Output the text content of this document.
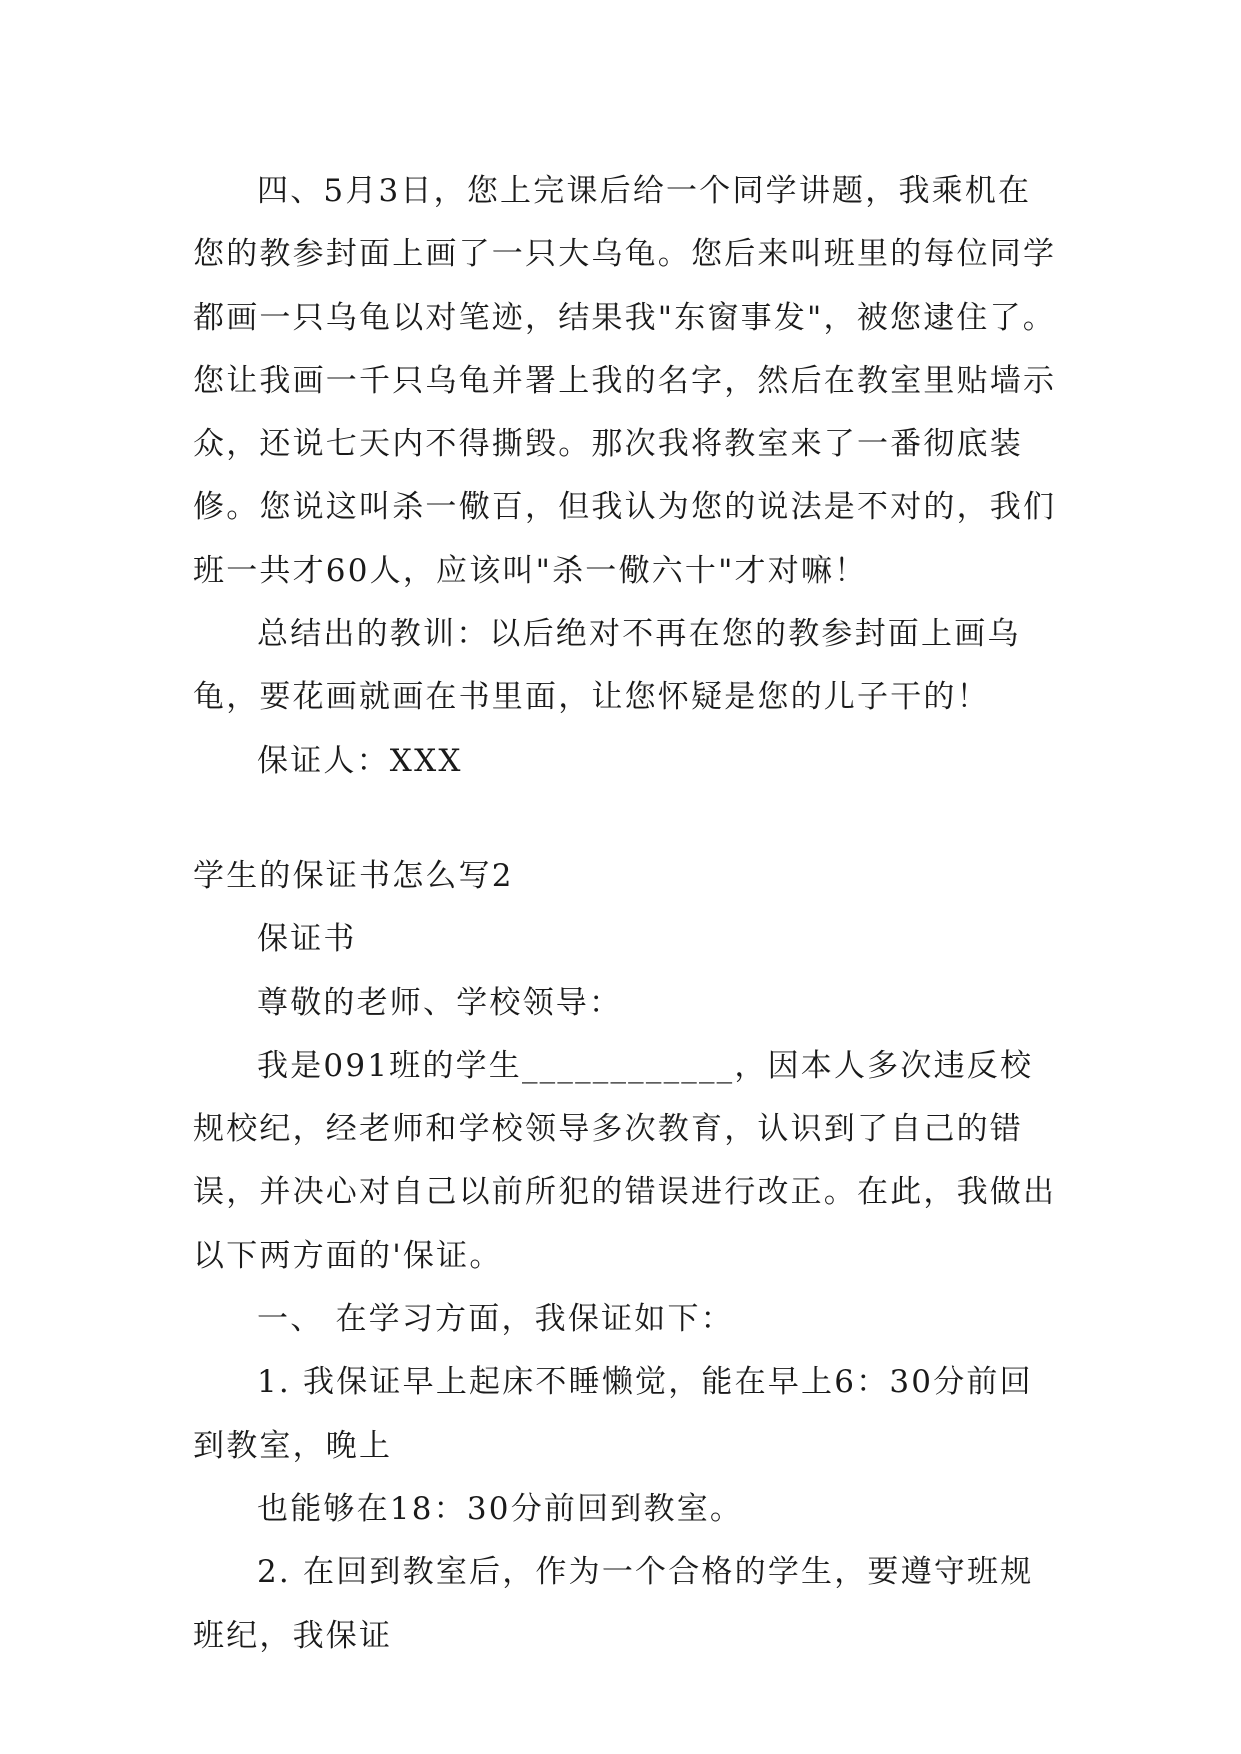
四、5月3日，您上完课后给一个同学讲题，我乘机在您的教参封面上画了一只大乌龟。您后来叫班里的每位同学都画一只乌龟以对笔迹，结果我"东窗事发"，被您逮住了。您让我画一千只乌龟并署上我的名字，然后在教室里贴墙示众，还说七天内不得撕毁。那次我将教室来了一番彻底装修。您说这叫杀一儆百，但我认为您的说法是不对的，我们班一共才60人，应该叫"杀一儆六十"才对嘛！

总结出的教训：以后绝对不再在您的教参封面上画乌龟，要花画就画在书里面，让您怀疑是您的儿子干的！

保证人：XXX

学生的保证书怎么写2

保证书

尊敬的老师、学校领导：

我是091班的学生____________，因本人多次违反校规校纪，经老师和学校领导多次教育，认识到了自己的错误，并决心对自己以前所犯的错误进行改正。在此，我做出以下两方面的'保证。

一、 在学习方面，我保证如下：

1. 我保证早上起床不睡懒觉，能在早上6：30分前回到教室，晚上

也能够在18：30分前回到教室。

2. 在回到教室后，作为一个合格的学生，要遵守班规班纪，我保证
